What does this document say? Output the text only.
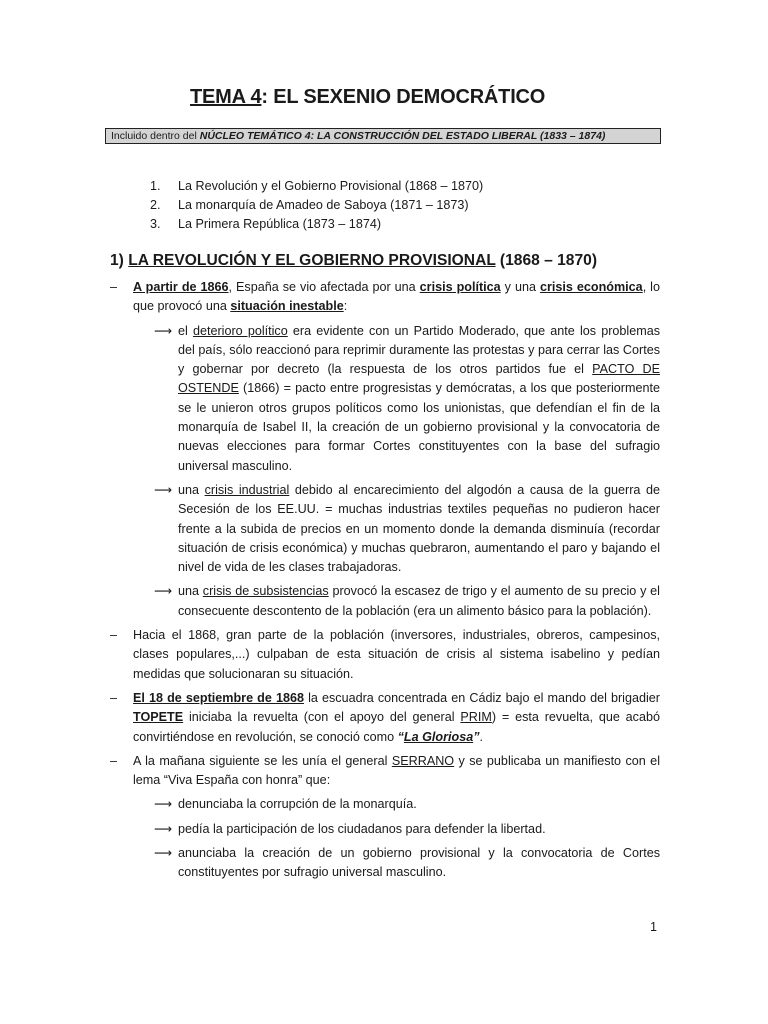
TEMA 4: EL SEXENIO DEMOCRÁTICO
Incluido dentro del NÚCLEO TEMÁTICO 4: LA CONSTRUCCIÓN DEL ESTADO LIBERAL (1833 – 1874)
1. La Revolución y el Gobierno Provisional (1868 – 1870)
2. La monarquía de Amadeo de Saboya (1871 – 1873)
3. La Primera República (1873 – 1874)
1) LA REVOLUCIÓN Y EL GOBIERNO PROVISIONAL (1868 – 1870)
– A partir de 1866, España se vio afectada por una crisis política y una crisis económica, lo que provocó una situación inestable:
⟶ el deterioro político era evidente con un Partido Moderado, que ante los problemas del país, sólo reaccionó para reprimir duramente las protestas y para cerrar las Cortes y gobernar por decreto (la respuesta de los otros partidos fue el PACTO DE OSTENDE (1866) = pacto entre progresistas y demócratas, a los que posteriormente se le unieron otros grupos políticos como los unionistas, que defendían el fin de la monarquía de Isabel II, la creación de un gobierno provisional y la convocatoria de nuevas elecciones para formar Cortes constituyentes con la base del sufragio universal masculino.
⟶ una crisis industrial debido al encarecimiento del algodón a causa de la guerra de Secesión de los EE.UU. = muchas industrias textiles pequeñas no pudieron hacer frente a la subida de precios en un momento donde la demanda disminuía (recordar situación de crisis económica) y muchas quebraron, aumentando el paro y bajando el nivel de vida de les clases trabajadoras.
⟶ una crisis de subsistencias provocó la escasez de trigo y el aumento de su precio y el consecuente descontento de la población (era un alimento básico para la población).
– Hacia el 1868, gran parte de la población (inversores, industriales, obreros, campesinos, clases populares,...) culpaban de esta situación de crisis al sistema isabelino y pedían medidas que solucionaran su situación.
– El 18 de septiembre de 1868 la escuadra concentrada en Cádiz bajo el mando del brigadier TOPETE iniciaba la revuelta (con el apoyo del general PRIM) = esta revuelta, que acabó convirtiéndose en revolución, se conoció como “La Gloriosa”.
– A la mañana siguiente se les unía el general SERRANO y se publicaba un manifiesto con el lema “Viva España con honra” que:
⟶ denunciaba la corrupción de la monarquía.
⟶ pedía la participación de los ciudadanos para defender la libertad.
⟶ anunciaba la creación de un gobierno provisional y la convocatoria de Cortes constituyentes por sufragio universal masculino.
1
